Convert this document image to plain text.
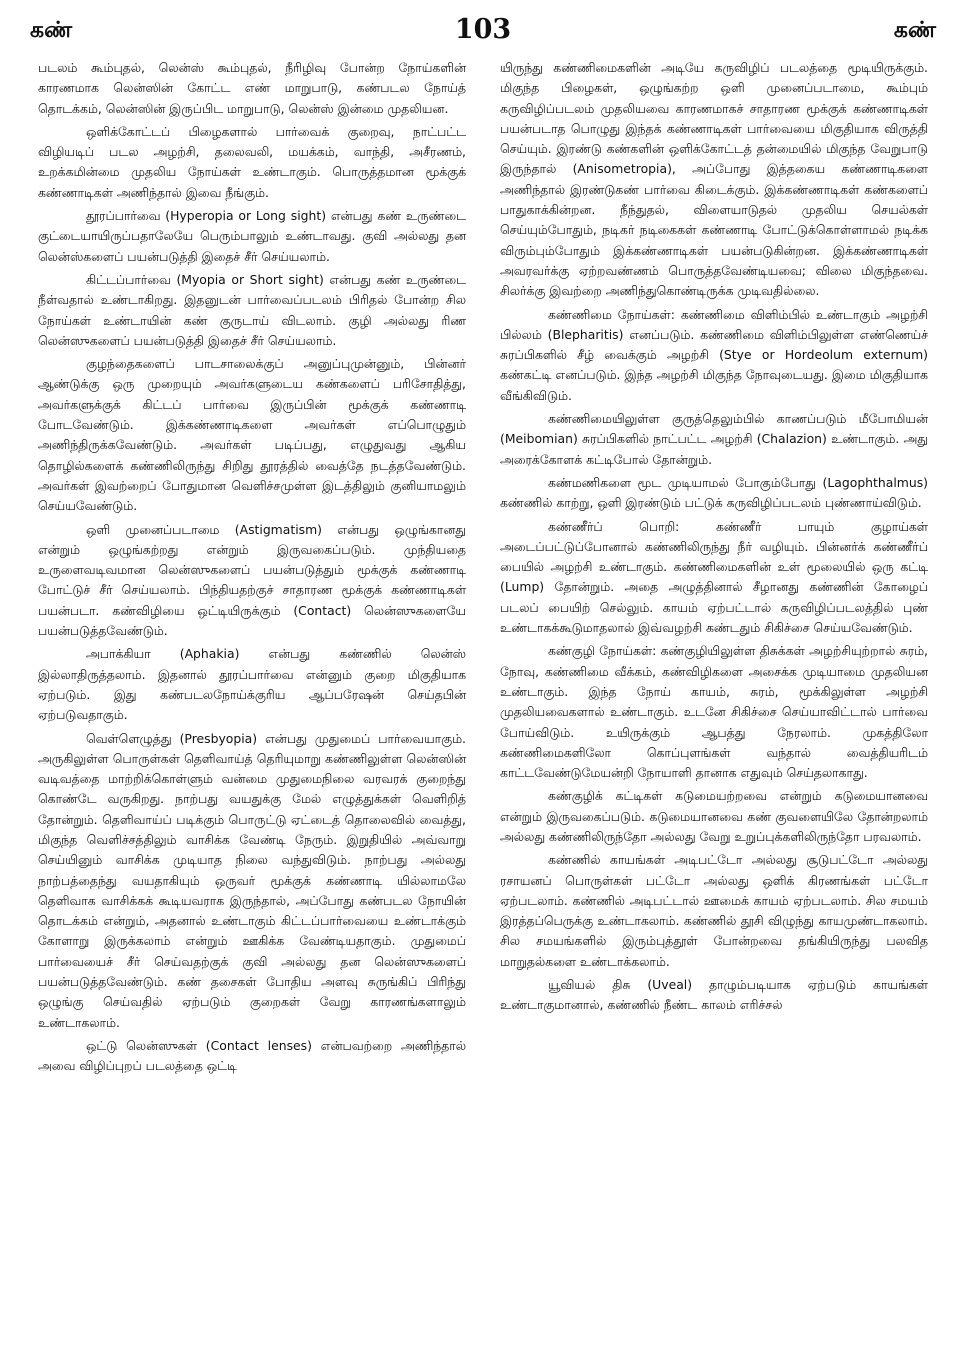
கண்	103	கண்

படலம் கூம்புதல், லென்ஸ் கூம்புதல், நீரிழிவு போன்ற நோய்களின் காரணமாக லென்ஸின் கோட்ட எண் மாறுபாடு, கண்படல நோய்த் தொடக்கம், லென்ஸின் இருப்பிட மாறுபாடு, லென்ஸ் இன்மை முதலியன.

ஒளிக்கோட்டப் பிழைகளால் பார்வைக் குறைவு, நாட்பட்ட விழியடிப் படல அழற்சி, தலைவலி, மயக்கம், வாந்தி, அசீரணம், உறக்கமின்மை முதலிய நோய்கள் உண்டாகும். பொருத்தமான மூக்குக் கண்ணாடிகள் அணிந்தால் இவை நீங்கும்.

தூரப்பார்வை (Hyperopia or Long sight) என்பது கண் உருண்டை குட்டையாயிருப்பதாலேயே பெரும்பாலும் உண்டாவது. குவி அல்லது தன லென்ஸ்களைப் பயன்படுத்தி இதைச் சீர் செய்யலாம்.

கிட்டப்பார்வை (Myopia or Short sight) என்பது கண் உருண்டை நீள்வதால் உண்டாகிறது. இதனுடன் பார்வைப்படலம் பிரிதல் போன்ற சில நோய்கள் உண்டாயின் கண் குருடாய் விடலாம். குழி அல்லது ரிண லென்ஸுகளைப் பயன்படுத்தி இதைச் சீர் செய்யலாம்.

குழந்தைகளைப் பாடசாலைக்குப் அனுப்புமுன்னும், பின்னர் ஆண்டுக்கு ஒரு முறையும் அவர்களுடைய கண்களைப் பரிசோதித்து, அவர்களுக்குக் கிட்டப் பார்வை இருப்பின் மூக்குக் கண்ணாடி போடவேண்டும். இக்கண்ணாடிகளை அவர்கள் எப்பொழுதும் அணிந்திருக்கவேண்டும். அவர்கள் படிப்பது, எழுதுவது ஆகிய தொழில்களைக் கண்ணிலிருந்து சிறிது தூரத்தில் வைத்தே நடத்தவேண்டும். அவர்கள் இவற்றைப் போதுமான வெளிச்சமுள்ள இடத்திலும் குனியாமலும் செய்யவேண்டும்.

ஒளி முனைப்படாமை (Astigmatism) என்பது ஒழுங்கானது என்றும் ஒழுங்கற்றது என்றும் இருவகைப்படும். முந்தியதை உருளைவடிவமான லென்ஸுகளைப் பயன்படுத்தும் மூக்குக் கண்ணாடி போட்டுச் சீர் செய்யலாம். பிந்தியதற்குச் சாதாரண மூக்குக் கண்ணாடிகள் பயன்படா. கண்விழியை ஒட்டியிருக்கும் (Contact) லென்ஸுகளையே பயன்படுத்தவேண்டும்.

அபாக்கியா (Aphakia) என்பது கண்ணில் லென்ஸ் இல்லாதிருத்தலாம். இதனால் தூரப்பார்வை என்னும் குறை மிகுதியாக ஏற்படும். இது கண்படலநோய்க்குரிய ஆப்பரேஷன் செய்தபின் ஏற்படுவதாகும்.

வெள்ளெழுத்து (Presbyopia) என்பது முதுமைப் பார்வையாகும். அருகிலுள்ள பொருள்கள் தெளிவாய்த் தெரியுமாறு கண்ணிலுள்ள லென்ஸின் வடிவத்தை மாற்றிக்கொள்ளும் வன்மை முதுமைநிலை வரவரக் குறைந்து கொண்டே வருகிறது. நாற்பது வயதுக்கு மேல் எழுத்துக்கள் வெளிறித் தோன்றும். தெளிவாய்ப் படிக்கும் பொருட்டு ஏட்டைத் தொலைவில் வைத்து, மிகுந்த வெளிச்சத்திலும் வாசிக்க வேண்டி நேரும். இறுதியில் அவ்வாறு செய்யினும் வாசிக்க முடியாத நிலை வந்துவிடும். நாற்பது அல்லது நாற்பத்தைந்து வயதாகியும் ஒருவர் மூக்குக் கண்ணாடி யில்லாமலே தெளிவாக வாசிக்கக் கூடியவராக இருந்தால், அப்போது கண்படல நோயின் தொடக்கம் என்றும், அதனால் உண்டாகும் கிட்டப்பார்வையை உண்டாக்கும் கோளாறு இருக்கலாம் என்றும் ஊகிக்க வேண்டியதாகும். முதுமைப் பார்வையைச் சீர் செய்வதற்குக் குவி அல்லது தன லென்ஸுகளைப் பயன்படுத்தவேண்டும். கண் தசைகள் போதிய அளவு சுருங்கிப் பிரிந்து ஒழுங்கு செய்வதில் ஏற்படும் குறைகள் வேறு காரணங்களாலும் உண்டாகலாம்.

ஒட்டு லென்ஸுகள் (Contact lenses) என்பவற்றை அணிந்தால் அவை விழிப்புறப் படலத்தை ஒட்டி

யிருந்து கண்ணிமைகளின் அடியே கருவிழிப் படலத்தை மூடியிருக்கும். மிகுந்த பிழைகள், ஒழுங்கற்ற ஒளி முனைப்படாமை, கூம்பும் கருவிழிப்படலம் முதலியவை காரணமாகச் சாதாரண மூக்குக் கண்ணாடிகள் பயன்படாத பொழுது இந்தக் கண்ணாடிகள் பார்வையை மிகுதியாக விருத்தி செய்யும். இரண்டு கண்களின் ஒளிக்கோட்டத் தன்மையில் மிகுந்த வேறுபாடு இருந்தால் (Anisometropia), அப்போது இத்தகைய கண்ணாடிகளை அணிந்தால் இரண்டுகண் பார்வை கிடைக்கும். இக்கண்ணாடிகள் கண்களைப் பாதுகாக்கின்றன. நீந்துதல், விளையாடுதல் முதலிய செயல்கள் செய்யும்போதும், நடிகர் நடிகைகள் கண்ணாடி போட்டுக்கொள்ளாமல் நடிக்க விரும்பும்போதும் இக்கண்ணாடிகள் பயன்படுகின்றன. இக்கண்ணாடிகள் அவரவர்க்கு ஏற்றவண்ணம் பொருத்தவேண்டியவை; விலை மிகுந்தவை. சிலர்க்கு இவற்றை அணிந்துகொண்டிருக்க முடிவதில்லை.

கண்ணிமை நோய்கள்: கண்ணிமை விளிம்பில் உண்டாகும் அழற்சி பில்லம் (Blepharitis) எனப்படும். கண்ணிமை விளிம்பிலுள்ள எண்ணெய்ச் சுரப்பிகளில் சீழ் வைக்கும் அழற்சி (Stye or Hordeolum externum) கண்கட்டி எனப்படும். இந்த அழற்சி மிகுந்த நோவுடையது. இமை மிகுதியாக வீங்கிவிடும்.

கண்ணிமையிலுள்ள குருத்தெலும்பில் காணப்படும் மீபோமியன் (Meibomian) சுரப்பிகளில் நாட்பட்ட அழற்சி (Chalazion) உண்டாகும். அது அரைக்கோளக் கட்டிபோல் தோன்றும்.

கண்மணிகளை மூட முடியாமல் போகும்போது (Lagophthalmus) கண்ணில் காற்று, ஒளி இரண்டும் பட்டுக் கருவிழிப்படலம் புண்ணாய்விடும்.

கண்ணீர்ப் பொறி: கண்ணீர் பாயும் குழாய்கள் அடைப்பட்டுப்போனால் கண்ணிலிருந்து நீர் வழியும். பின்னர்க் கண்ணீர்ப் பையில் அழற்சி உண்டாகும். கண்ணிமைகளின் உள் மூலையில் ஒரு கட்டி (Lump) தோன்றும். அதை அழுத்தினால் சீழானது கண்ணின் கோழைப் படலப் பையிற் செல்லும். காயம் ஏற்பட்டால் கருவிழிப்படலத்தில் புண் உண்டாகக்கூடுமாதலால் இவ்வழற்சி கண்டதும் சிகிச்சை செய்யவேண்டும்.

கண்குழி நோய்கள்: கண்குழியிலுள்ள திசுக்கள் அழற்சியுற்றால் சுரம், நோவு, கண்ணிமை வீக்கம், கண்விழிகளை அசைக்க முடியாமை முதலியன உண்டாகும். இந்த நோய் காயம், சுரம், மூக்கிலுள்ள அழற்சி முதலியவைகளால் உண்டாகும். உடனே சிகிச்சை செய்யாவிட்டால் பார்வை போய்விடும். உயிருக்கும் ஆபத்து நேரலாம். முகத்திலோ கண்ணிமைகளிலோ கொப்புளங்கள் வந்தால் வைத்தியரிடம் காட்டவேண்டுமேயன்றி நோயாளி தானாக எதுவும் செய்தலாகாது.

கண்குழிக் கட்டிகள் கடுமையற்றவை என்றும் கடுமையானவை என்றும் இருவகைப்படும். கடுமையானவை கண் குவளையிலே தோன்றலாம் அல்லது கண்ணிலிருந்தோ அல்லது வேறு உறுப்புக்களிலிருந்தோ பரவலாம்.

கண்ணில் காயங்கள் அடிபட்டோ அல்லது சூடுபட்டோ அல்லது ரசாயனப் பொருள்கள் பட்டோ அல்லது ஒளிக் கிரணங்கள் பட்டோ ஏற்படலாம். கண்ணில் அடிபட்டால் ஊமைக் காயம் ஏற்படலாம். சில சமயம் இரத்தப்பெருக்கு உண்டாகலாம். கண்ணில் தூசி விழுந்து காயமுண்டாகலாம். சில சமயங்களில் இரும்புத்தூள் போன்றவை தங்கியிருந்து பலவித மாறுதல்களை உண்டாக்கலாம்.

யூவியல் திசு (Uveal) தாழும்படியாக ஏற்படும் காயங்கள் உண்டாகுமானால், கண்ணில் நீண்ட காலம் எரிச்சல்
